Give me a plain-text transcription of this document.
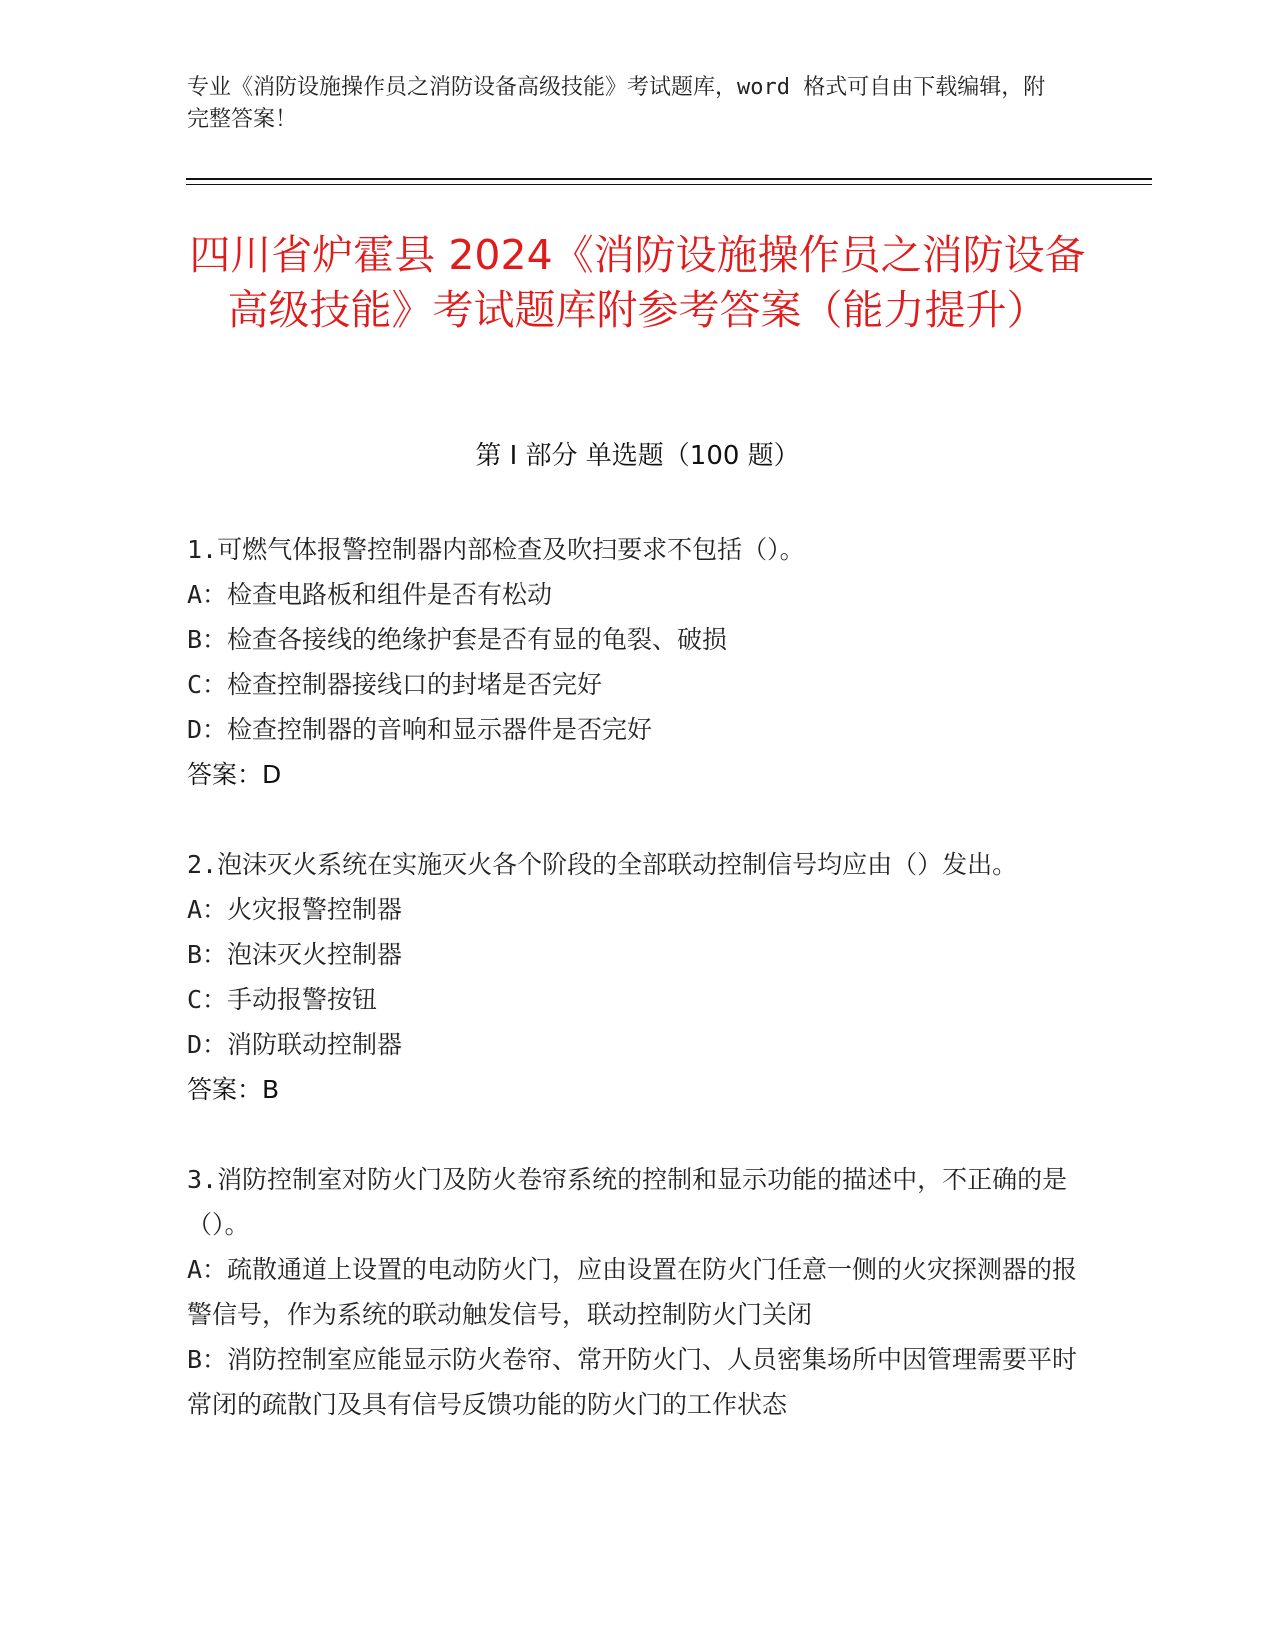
专业《消防设施操作员之消防设备高级技能》考试题库，word 格式可自由下载编辑，附完整答案！
四川省炉霍县 2024《消防设施操作员之消防设备高级技能》考试题库附参考答案（能力提升）
第 I 部分 单选题（100 题）

1.可燃气体报警控制器内部检查及吹扫要求不包括（）。

A：检查电路板和组件是否有松动

B：检查各接线的绝缘护套是否有显的龟裂、破损

C：检查控制器接线口的封堵是否完好

D：检查控制器的音响和显示器件是否完好

答案：D

2.泡沫灭火系统在实施灭火各个阶段的全部联动控制信号均应由（）发出。

A：火灾报警控制器

B：泡沫灭火控制器

C：手动报警按钮

D：消防联动控制器

答案：B

3.消防控制室对防火门及防火卷帘系统的控制和显示功能的描述中，不正确的是（）。

A：疏散通道上设置的电动防火门，应由设置在防火门任意一侧的火灾探测器的报警信号，作为系统的联动触发信号，联动控制防火门关闭

B：消防控制室应能显示防火卷帘、常开防火门、人员密集场所中因管理需要平时常闭的疏散门及具有信号反馈功能的防火门的工作状态
